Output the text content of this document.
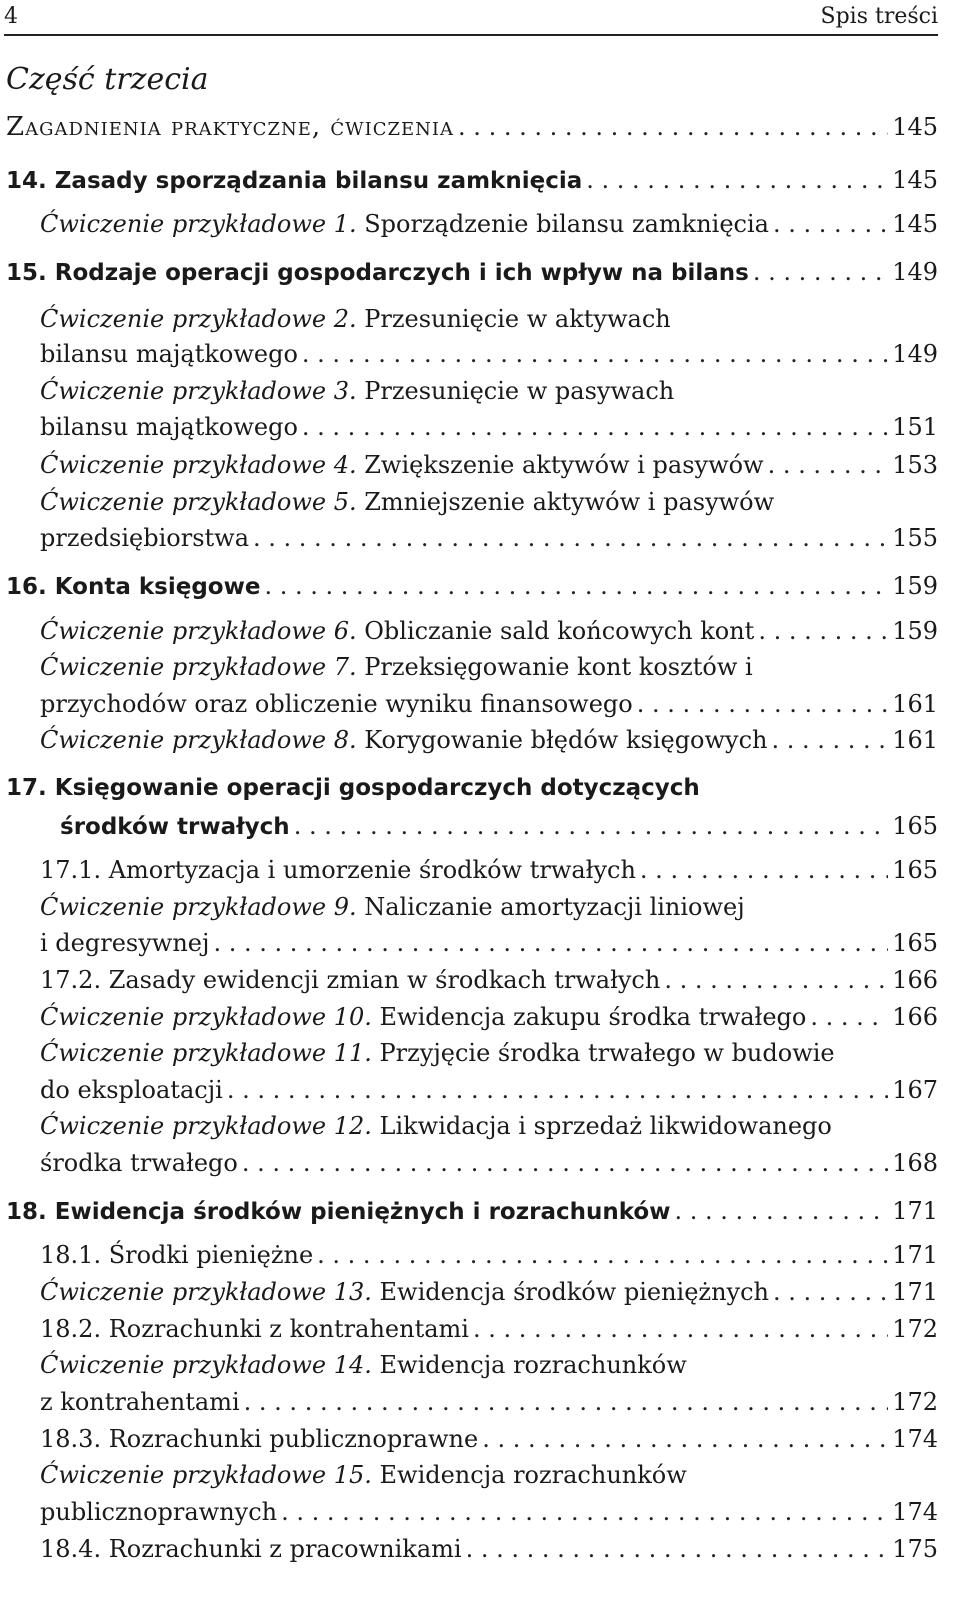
4	Spis treści
Część trzecia
Zagadnienia praktyczne, ćwiczenia . . .	145
14. Zasady sporządzania bilansu zamknięcia . . .	145
Ćwiczenie przykładowe 1. Sporządzenie bilansu zamknięcia . . .	145
15. Rodzaje operacji gospodarczych i ich wpływ na bilans . . .	149
Ćwiczenie przykładowe 2. Przesunięcie w aktywach
bilansu majątkowego . . .	149
Ćwiczenie przykładowe 3. Przesunięcie w pasywach
bilansu majątkowego . . .	151
Ćwiczenie przykładowe 4. Zwiększenie aktywów i pasywów . . .	153
Ćwiczenie przykładowe 5. Zmniejszenie aktywów i pasywów
przedsiębiorstwa . . .	155
16. Konta księgowe . . .	159
Ćwiczenie przykładowe 6. Obliczanie sald końcowych kont . . .	159
Ćwiczenie przykładowe 7. Przeksięgowanie kont kosztów i
przychodów oraz obliczenie wyniku finansowego . . .	161
Ćwiczenie przykładowe 8. Korygowanie błędów księgowych . . .	161
17. Księgowanie operacji gospodarczych dotyczących
środków trwałych . . .	165
17.1. Amortyzacja i umorzenie środków trwałych . . .	165
Ćwiczenie przykładowe 9. Naliczanie amortyzacji liniowej
i degresywnej . . .	165
17.2. Zasady ewidencji zmian w środkach trwałych . . .	166
Ćwiczenie przykładowe 10. Ewidencja zakupu środka trwałego . . .	166
Ćwiczenie przykładowe 11. Przyjęcie środka trwałego w budowie
do eksploatacji . . .	167
Ćwiczenie przykładowe 12. Likwidacja i sprzedaż likwidowanego
środka trwałego . . .	168
18. Ewidencja środków pieniężnych i rozrachunków . . .	171
18.1. Środki pieniężne . . .	171
Ćwiczenie przykładowe 13. Ewidencja środków pieniężnych . . .	171
18.2. Rozrachunki z kontrahentami . . .	172
Ćwiczenie przykładowe 14. Ewidencja rozrachunków
z kontrahentami . . .	172
18.3. Rozrachunki publicznoprawne . . .	174
Ćwiczenie przykładowe 15. Ewidencja rozrachunków
publicznoprawnych . . .	174
18.4. Rozrachunki z pracownikami . . .	175
